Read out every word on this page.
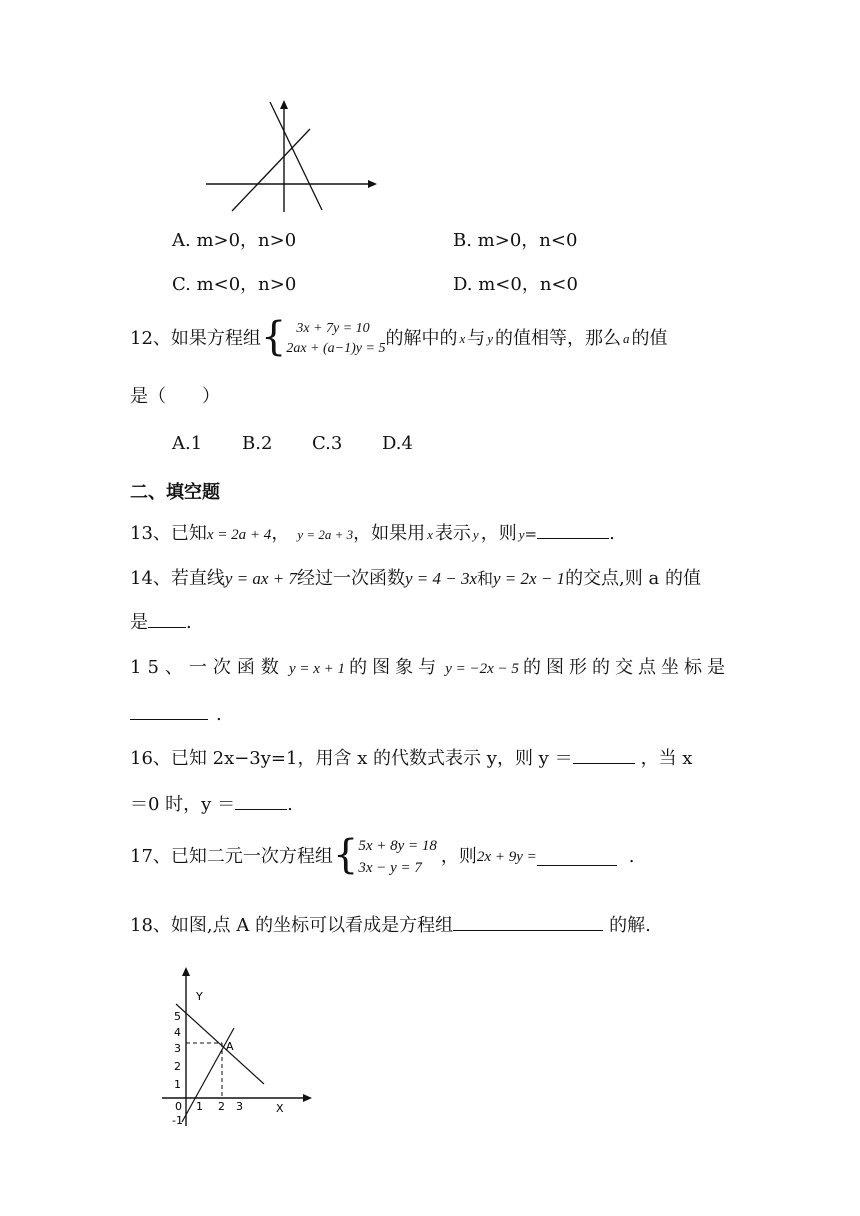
A. m>0，n>0	B. m>0，n<0
C. m<0，n>0	D. m<0，n<0
12、如果方程组 { 3x + 7y = 10
2ax + (a−1)y = 5 的解中的 x 与 y 的值相等，那么 a 的值
是（　　）
A.1 B.2 C.3 D.4
二、填空题
13、已知 x = 2a + 4 ， y = 2a + 3 ，如果用 x 表示 y ，则 y =	.
14、若直线 y = ax + 7 经过一次函数 y = 4 − 3x 和 y = 2x − 1 的交点,则 a 的值
是 .
15、一次函数 y = x + 1 的图象与 y = −2x − 5 的图形的交点坐标是
.
16、已知 2x−3y=1，用含 x 的代数式表示 y，则 y ＝	，当 x
＝0 时，y ＝	.
17、已知二元一次方程组 { 5x + 8y = 18
3x − y = 7
，则 2x + 9y =	.
18、如图,点 A 的坐标可以看成是方程组	的解.
Y
X
A
5
4
3
2
1
0
-1
1 2 3
